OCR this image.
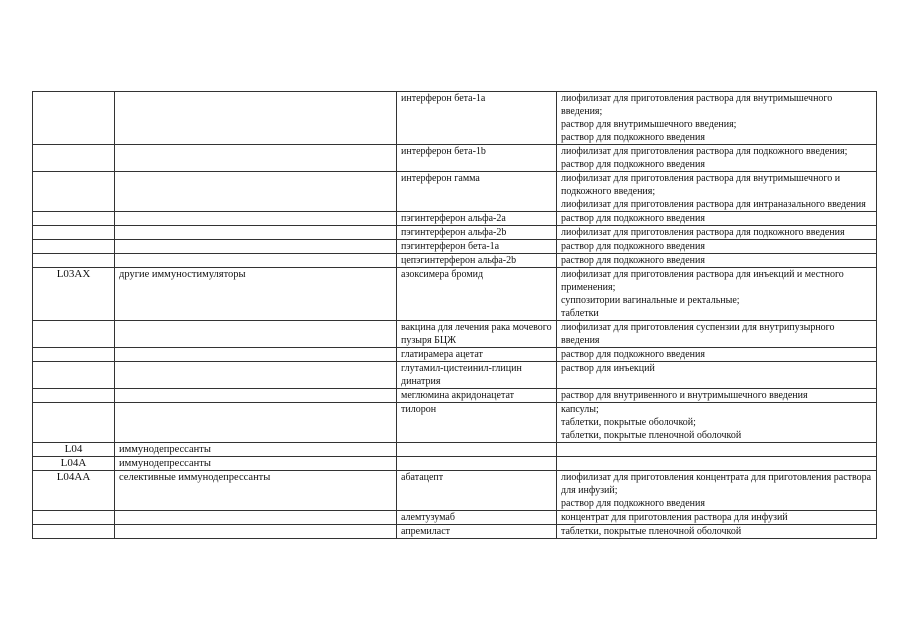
		интерферон бета-1a	лиофилизат для приготовления раствора для внутримышечного введения;
раствор для внутримышечного введения;
раствор для подкожного введения

		интерферон бета-1b	лиофилизат для приготовления раствора для подкожного введения;
раствор для подкожного введения

		интерферон гамма	лиофилизат для приготовления раствора для внутримышечного и подкожного введения;
лиофилизат для приготовления раствора для интраназального введения

		пэгинтерферон альфа-2a	раствор для подкожного введения

		пэгинтерферон альфа-2b	лиофилизат для приготовления раствора для подкожного введения

		пэгинтерферон бета-1a	раствор для подкожного введения

		цепэгинтерферон альфа-2b	раствор для подкожного введения

L03AX	другие иммуностимуляторы	азоксимера бромид	лиофилизат для приготовления раствора для инъекций и местного применения;
суппозитории вагинальные и ректальные;
таблетки

		вакцина для лечения рака мочевого пузыря БЦЖ	лиофилизат для приготовления суспензии для внутрипузырного введения

		глатирамера ацетат	раствор для подкожного введения

		глутамил-цистеинил-глицин динатрия	раствор для инъекций

		меглюмина акридонацетат	раствор для внутривенного и внутримышечного введения

		тилорон	капсулы;
таблетки, покрытые оболочкой;
таблетки, покрытые пленочной оболочкой

L04	иммунодепрессанты		

L04A	иммунодепрессанты		

L04AA	селективные иммунодепрессанты	абатацепт	лиофилизат для приготовления концентрата для приготовления раствора для инфузий;
раствор для подкожного введения

		алемтузумаб	концентрат для приготовления раствора для инфузий

		апремиласт	таблетки, покрытые пленочной оболочкой
